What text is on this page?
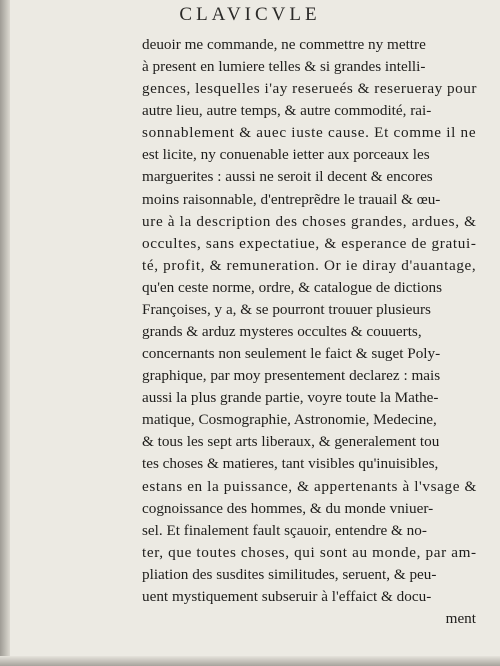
CLAVICVLE
deuoir me commande, ne commettre ny mettre
à present en lumiere telles & si grandes intelli-
gences, lesquelles i'ay reserueés & reserueray pour
autre lieu, autre temps, & autre commodité, rai-
sonnablement & auec iuste cause. Et comme il ne
est licite, ny conuenable ietter aux porceaux les
marguerites : aussi ne seroit il decent & encores
moins raisonnable, d'entreprẽdre le trauail & œu-
ure à la description des choses grandes, ardues, &
occultes, sans expectatiue, & esperance de gratui-
té, profit, & remuneration. Or ie diray d'auantage,
qu'en ceste norme, ordre, & catalogue de dictions
Françoises, y a, & se pourront trouuer plusieurs
grands & arduz mysteres occultes & couuerts,
concernants non seulement le faict & suget Poly-
graphique, par moy presentement declarez : mais
aussi la plus grande partie, voyre toute la Mathe-
matique, Cosmographie, Astronomie, Medecine,
& tous les sept arts liberaux, & generalement tou
tes choses & matieres, tant visibles qu'inuisibles,
estans en la puissance, & appertenants à l'vsage &
cognoissance des hommes, & du monde vniuer-
sel. Et finalement fault sçauoir, entendre & no-
ter, que toutes choses, qui sont au monde, par am-
pliation des susdites similitudes, seruent, & peu-
uent mystiquement subseruir à l'effaict & docu-
ment
